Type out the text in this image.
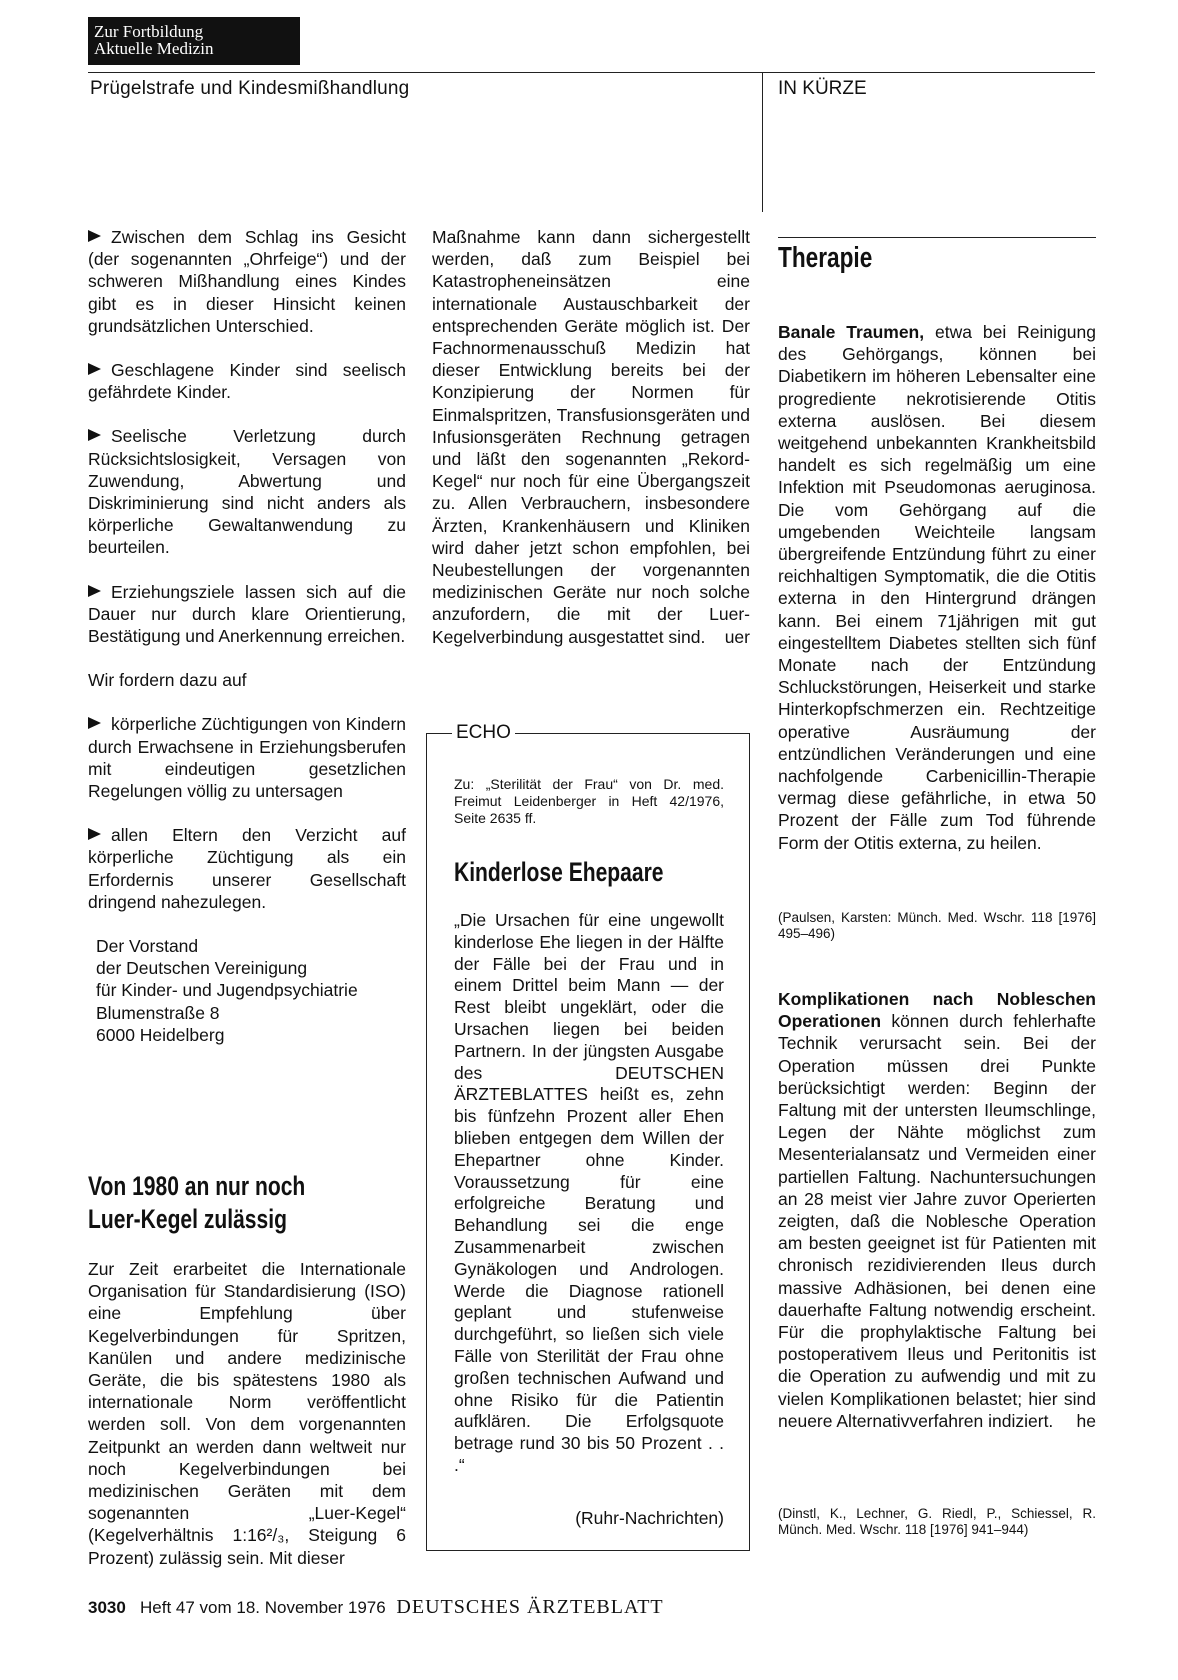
Zur Fortbildung
Aktuelle Medizin
Prügelstrafe und Kindesmißhandlung	IN KÜRZE

Zwischen dem Schlag ins Gesicht (der sogenannten „Ohrfeige“) und der schweren Mißhandlung eines Kindes gibt es in dieser Hinsicht keinen grundsätzlichen Unterschied.

Geschlagene Kinder sind seelisch gefährdete Kinder.

Seelische Verletzung durch Rücksichtslosigkeit, Versagen von Zuwendung, Abwertung und Diskriminierung sind nicht anders als körperliche Gewaltanwendung zu beurteilen.

Erziehungsziele lassen sich auf die Dauer nur durch klare Orientierung, Bestätigung und Anerkennung erreichen.

Wir fordern dazu auf

körperliche Züchtigungen von Kindern durch Erwachsene in Erziehungsberufen mit eindeutigen gesetzlichen Regelungen völlig zu untersagen

allen Eltern den Verzicht auf körperliche Züchtigung als ein Erfordernis unserer Gesellschaft dringend nahezulegen.

Der Vorstand
der Deutschen Vereinigung
für Kinder- und Jugendpsychiatrie
Blumenstraße 8
6000 Heidelberg
Von 1980 an nur noch
Luer-Kegel zulässig
Zur Zeit erarbeitet die Internationale Organisation für Standardisierung (ISO) eine Empfehlung über Kegelverbindungen für Spritzen, Kanülen und andere medizinische Geräte, die bis spätestens 1980 als internationale Norm veröffentlicht werden soll. Von dem vorgenannten Zeitpunkt an werden dann weltweit nur noch Kegelverbindungen bei medizinischen Geräten mit dem sogenannten „Luer-Kegel“ (Kegelverhältnis 1:16²/₃, Steigung 6 Prozent) zulässig sein. Mit dieser
Maßnahme kann dann sichergestellt werden, daß zum Beispiel bei Katastropheneinsätzen eine internationale Austauschbarkeit der entsprechenden Geräte möglich ist. Der Fachnormenausschuß Medizin hat dieser Entwicklung bereits bei der Konzipierung der Normen für Einmalspritzen, Transfusionsgeräten und Infusionsgeräten Rechnung getragen und läßt den sogenannten „Rekord-Kegel“ nur noch für eine Übergangszeit zu. Allen Verbrauchern, insbesondere Ärzten, Krankenhäusern und Kliniken wird daher jetzt schon empfohlen, bei Neubestellungen der vorgenannten medizinischen Geräte nur noch solche anzufordern, die mit der Luer-Kegelverbindung ausgestattet sind. uer
ECHO
Zu: „Sterilität der Frau“ von Dr. med. Freimut Leidenberger in Heft 42/1976, Seite 2635 ff.
Kinderlose Ehepaare
„Die Ursachen für eine ungewollt kinderlose Ehe liegen in der Hälfte der Fälle bei der Frau und in einem Drittel beim Mann — der Rest bleibt ungeklärt, oder die Ursachen liegen bei beiden Partnern. In der jüngsten Ausgabe des DEUTSCHEN ÄRZTEBLATTES heißt es, zehn bis fünfzehn Prozent aller Ehen blieben entgegen dem Willen der Ehepartner ohne Kinder. Voraussetzung für eine erfolgreiche Beratung und Behandlung sei die enge Zusammenarbeit zwischen Gynäkologen und Andrologen. Werde die Diagnose rationell geplant und stufenweise durchgeführt, so ließen sich viele Fälle von Sterilität der Frau ohne großen technischen Aufwand und ohne Risiko für die Patientin aufklären. Die Erfolgsquote betrage rund 30 bis 50 Prozent . . .“
(Ruhr-Nachrichten)
Therapie
Banale Traumen, etwa bei Reinigung des Gehörgangs, können bei Diabetikern im höheren Lebensalter eine progrediente nekrotisierende Otitis externa auslösen. Bei diesem weitgehend unbekannten Krankheitsbild handelt es sich regelmäßig um eine Infektion mit Pseudomonas aeruginosa. Die vom Gehörgang auf die umgebenden Weichteile langsam übergreifende Entzündung führt zu einer reichhaltigen Symptomatik, die die Otitis externa in den Hintergrund drängen kann. Bei einem 71jährigen mit gut eingestelltem Diabetes stellten sich fünf Monate nach der Entzündung Schluckstörungen, Heiserkeit und starke Hinterkopfschmerzen ein. Rechtzeitige operative Ausräumung der entzündlichen Veränderungen und eine nachfolgende Carbenicillin-Therapie vermag diese gefährliche, in etwa 50 Prozent der Fälle zum Tod führende Form der Otitis externa, zu heilen.
(Paulsen, Karsten: Münch. Med. Wschr. 118 [1976] 495–496)
Komplikationen nach Nobleschen Operationen können durch fehlerhafte Technik verursacht sein. Bei der Operation müssen drei Punkte berücksichtigt werden: Beginn der Faltung mit der untersten Ileumschlinge, Legen der Nähte möglichst zum Mesenterialansatz und Vermeiden einer partiellen Faltung. Nachuntersuchungen an 28 meist vier Jahre zuvor Operierten zeigten, daß die Noblesche Operation am besten geeignet ist für Patienten mit chronisch rezidivierenden Ileus durch massive Adhäsionen, bei denen eine dauerhafte Faltung notwendig erscheint. Für die prophylaktische Faltung bei postoperativem Ileus und Peritonitis ist die Operation zu aufwendig und mit zu vielen Komplikationen belastet; hier sind neuere Alternativverfahren indiziert. he
(Dinstl, K., Lechner, G. Riedl, P., Schiessel, R. Münch. Med. Wschr. 118 [1976] 941–944)
3030 Heft 47 vom 18. November 1976 DEUTSCHES ÄRZTEBLATT
